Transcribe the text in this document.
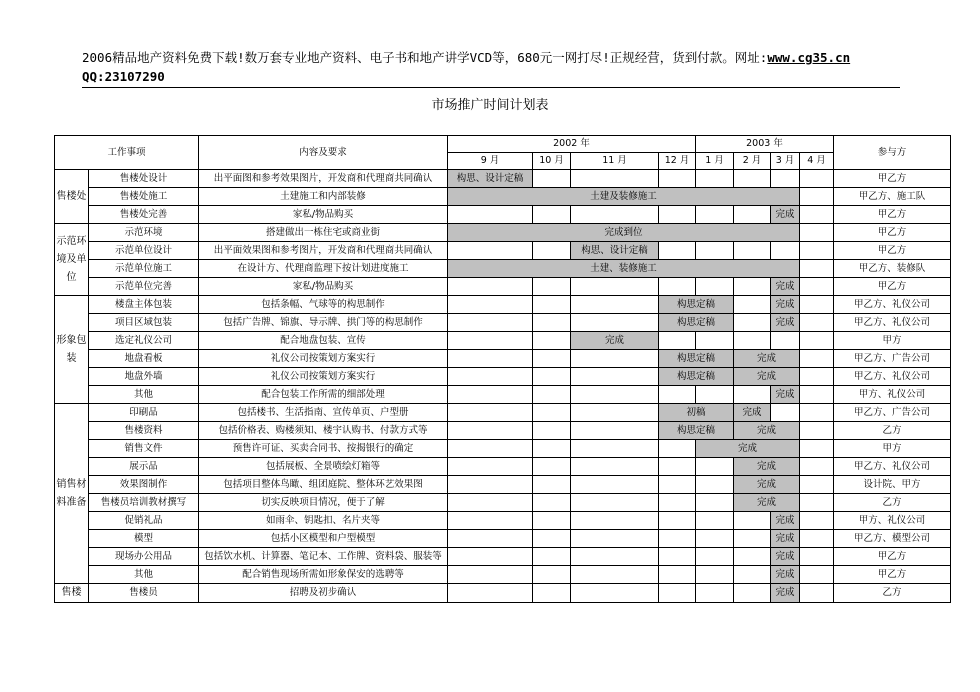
2006精品地产资料免费下载!数万套专业地产资料、电子书和地产讲学VCD等，680元一网打尽!正规经营，货到付款。网址:www.cg35.cn
QQ:23107290
市场推广时间计划表
工作事项		内容及要求	2002 年				2003 年				参与方
			9 月	10 月	11 月	12 月	1 月	2 月	3 月	4 月	
售楼处	售楼处设计	出平面图和参考效果图片，开发商和代理商共同确认	构思、设计定稿								甲乙方
	售楼处施工	土建施工和内部装修	土建及装修施工								甲乙方、施工队
	售楼处完善	家私/物品购买							完成		甲乙方
示范环境及单位	示范环境	搭建做出一栋住宅或商业街	完成到位								甲乙方
	示范单位设计	出平面效果图和参考图片，开发商和代理商共同确认			构思、设计定稿						甲乙方
	示范单位施工	在设计方、代理商监理下按计划进度施工	土建、装修施工								甲乙方、装修队
	示范单位完善	家私/物品购买							完成		甲乙方
形象包装	楼盘主体包装	包括条幅、气球等的构思制作				构思定稿			完成		甲乙方、礼仪公司
	项目区域包装	包括广告牌、锦旗、导示牌、拱门等的构思制作				构思定稿			完成		甲乙方、礼仪公司
	选定礼仪公司	配合地盘包装、宣传			完成						甲方
	地盘看板	礼仪公司按策划方案实行				构思定稿		完成			甲乙方、广告公司
	地盘外墙	礼仪公司按策划方案实行				构思定稿		完成			甲乙方、礼仪公司
	其他	配合包装工作所需的细部处理							完成		甲方、礼仪公司
销售材料准备	印刷品	包括楼书、生活指南、宣传单页、户型册				初稿		完成			甲乙方、广告公司
	售楼资料	包括价格表、购楼须知、楼宇认购书、付款方式等				构思定稿		完成			乙方
	销售文件	预售许可证、买卖合同书、按揭银行的确定					完成				甲方
	展示品	包括展板、全景喷绘灯箱等						完成			甲乙方、礼仪公司
	效果图制作	包括项目整体鸟瞰、组团庭院、整体环艺效果图						完成			设计院、甲方
	售楼员培训教材撰写	切实反映项目情况，便于了解						完成			乙方
	促销礼品	如雨伞、钥匙扣、名片夹等							完成		甲方、礼仪公司
	模型	包括小区模型和户型模型							完成		甲乙方、模型公司
	现场办公用品	包括饮水机、计算器、笔记本、工作牌、资料袋、服装等							完成		甲乙方
	其他	配合销售现场所需如形象保安的选聘等							完成		甲乙方
售楼	售楼员	招聘及初步确认							完成		乙方
